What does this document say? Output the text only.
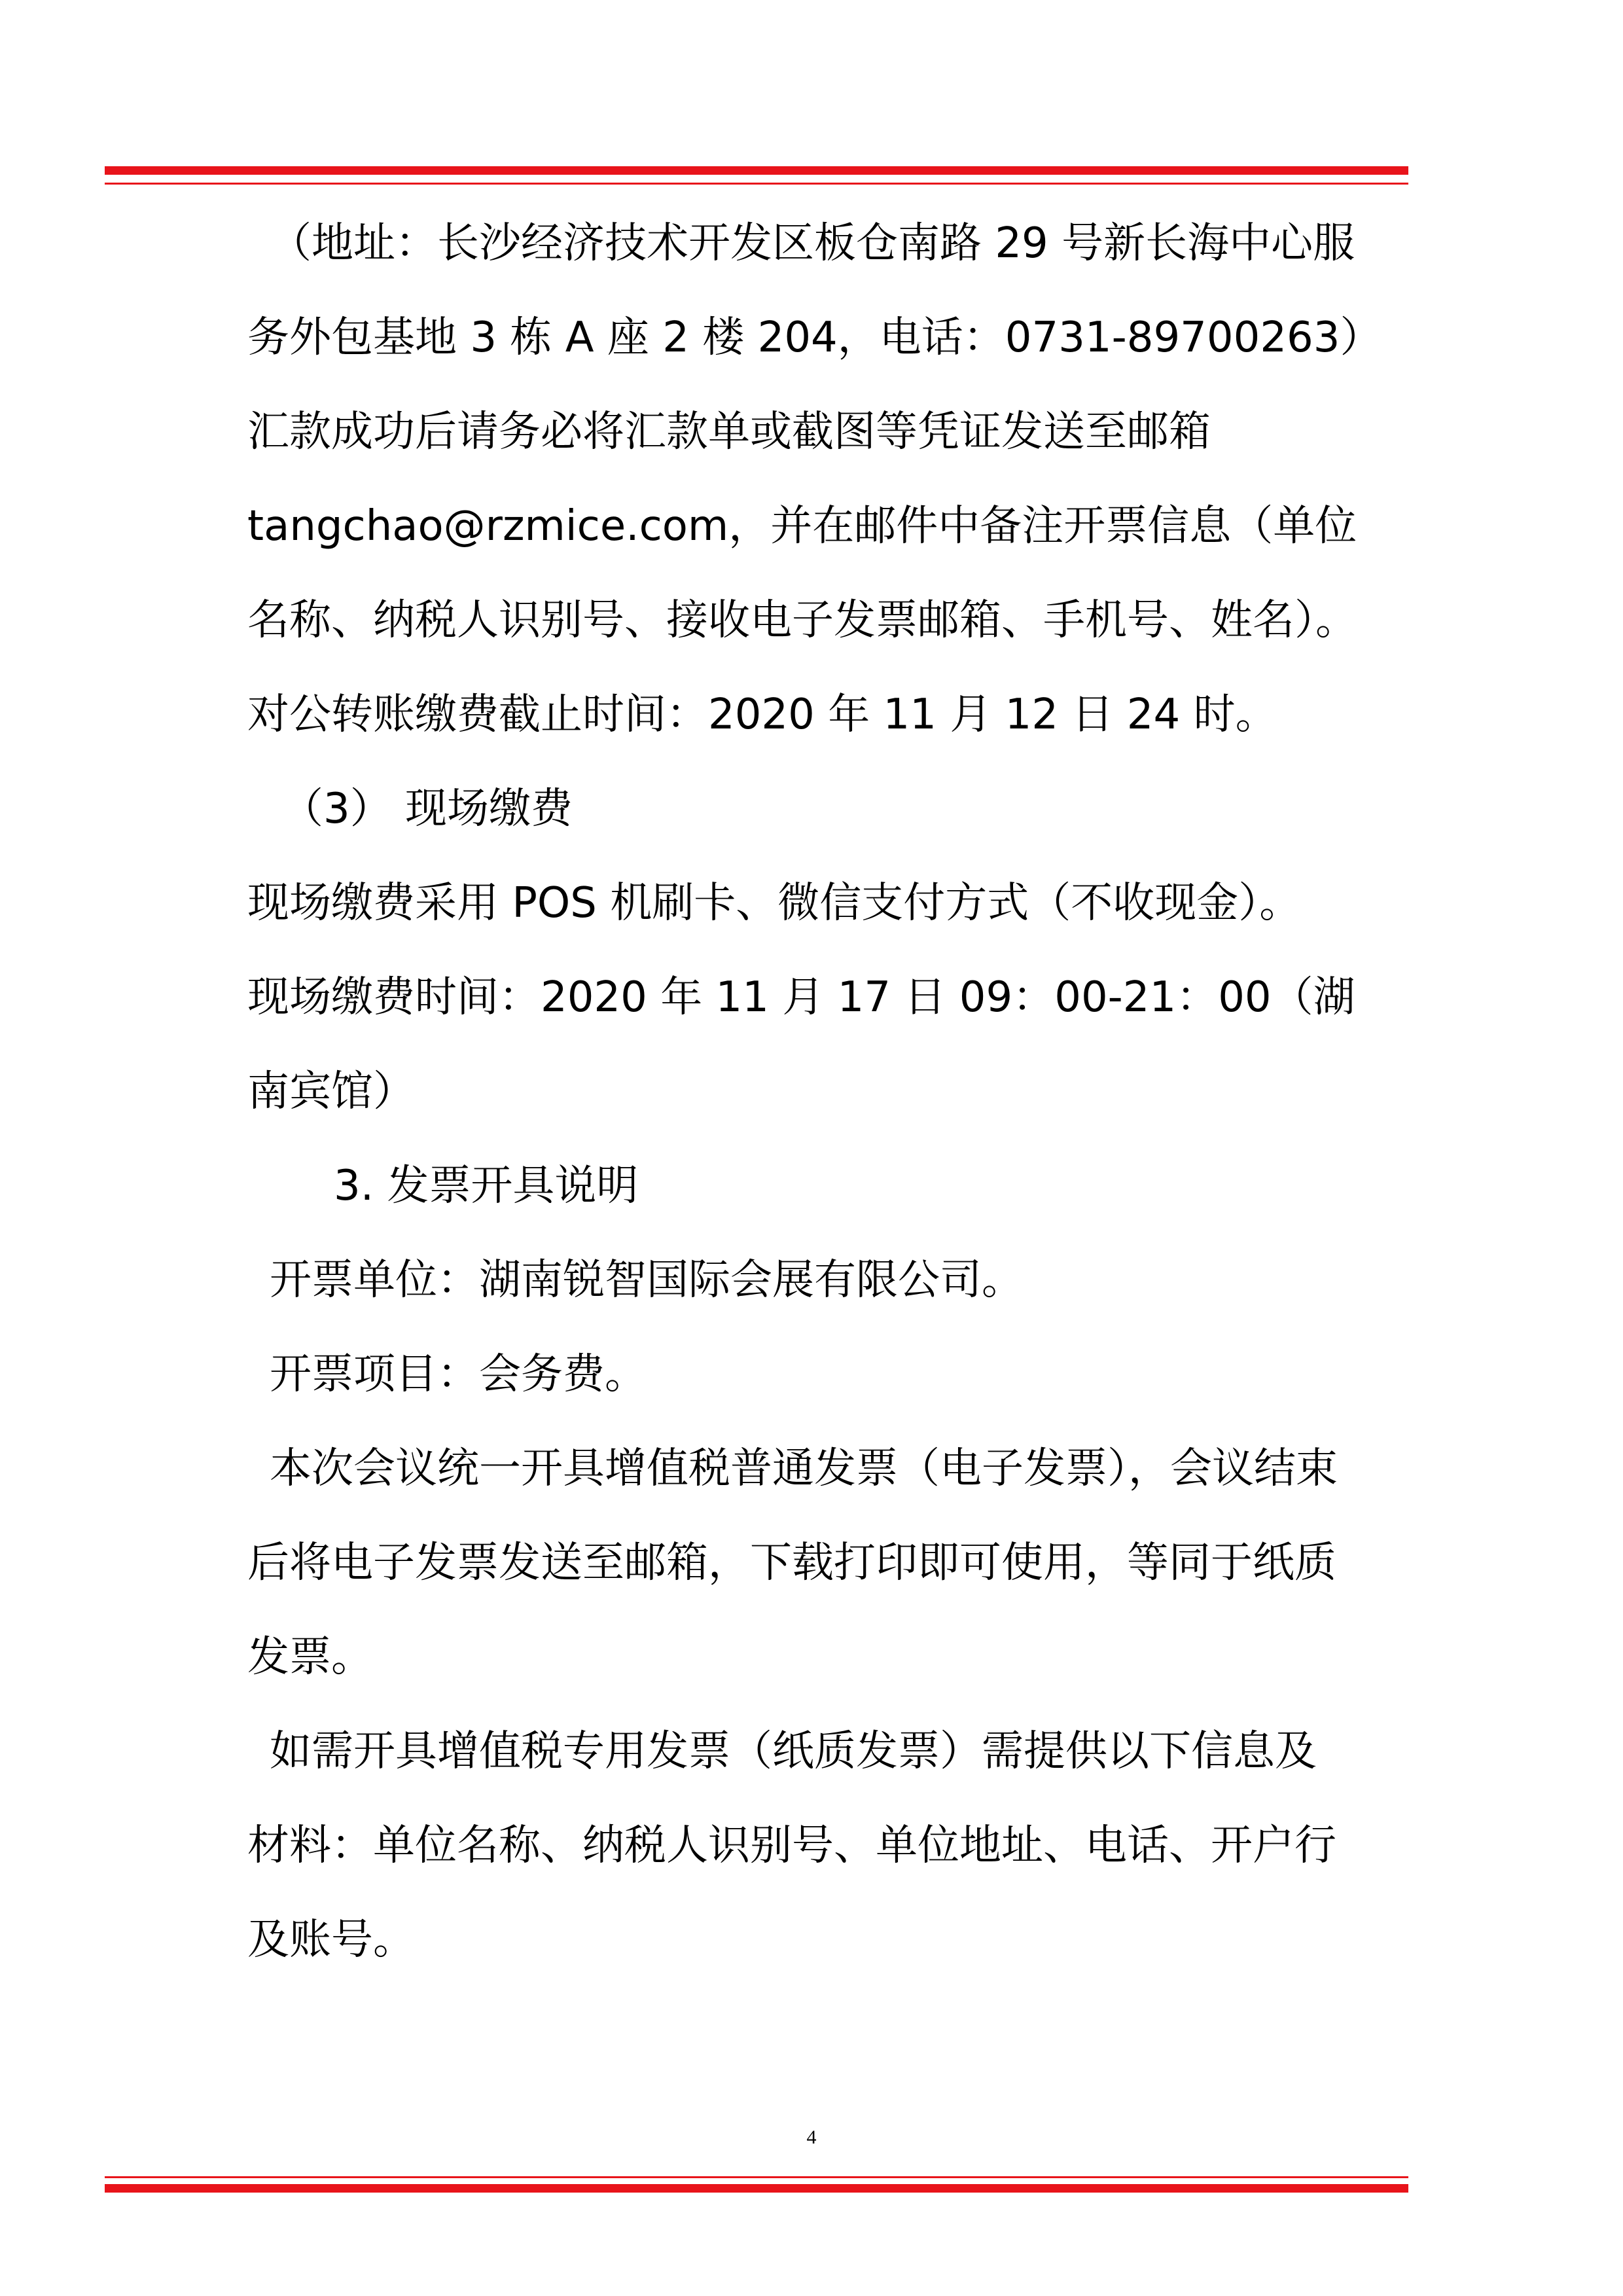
（地址：长沙经济技术开发区板仓南路 29 号新长海中心服
务外包基地 3 栋 A 座 2 楼 204，电话：0731-89700263）
汇款成功后请务必将汇款单或截图等凭证发送至邮箱
tangchao@rzmice.com，并在邮件中备注开票信息（单位
名称、纳税人识别号、接收电子发票邮箱、手机号、姓名）。
对公转账缴费截止时间：2020 年 11 月 12 日 24 时。
（3） 现场缴费
现场缴费采用 POS 机刷卡、微信支付方式（不收现金）。
现场缴费时间：2020 年 11 月 17 日 09：00-21：00（湖
南宾馆）
3. 发票开具说明
开票单位：湖南锐智国际会展有限公司。
开票项目：会务费。
本次会议统一开具增值税普通发票（电子发票），会议结束
后将电子发票发送至邮箱，下载打印即可使用，等同于纸质
发票。
如需开具增值税专用发票（纸质发票）需提供以下信息及
材料：单位名称、纳税人识别号、单位地址、电话、开户行
及账号。
4
